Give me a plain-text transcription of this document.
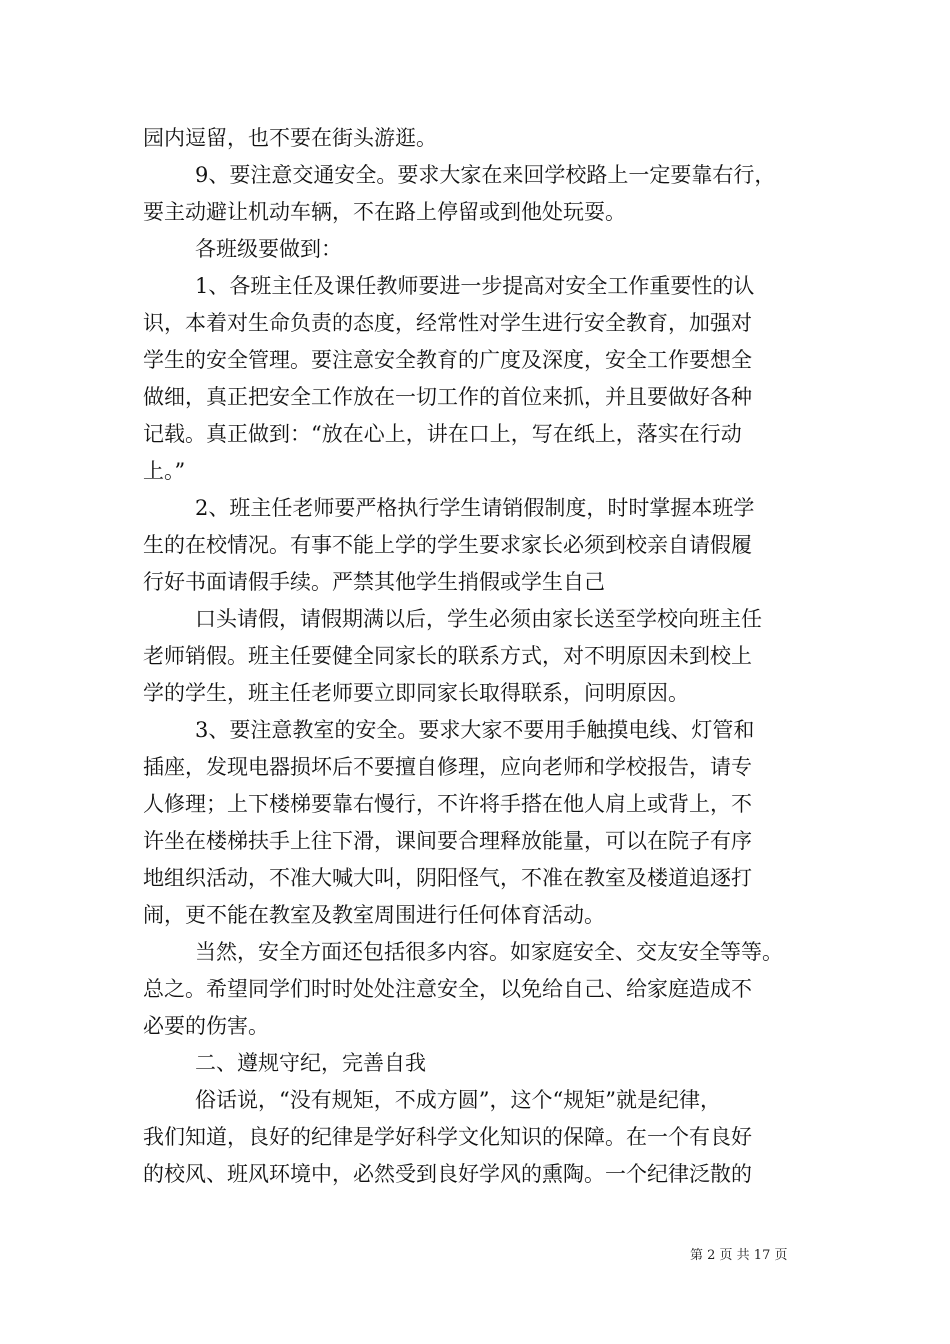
园内逗留，也不要在街头游逛。
9、要注意交通安全。要求大家在来回学校路上一定要靠右行，
要主动避让机动车辆，不在路上停留或到他处玩耍。
各班级要做到：
1、各班主任及课任教师要进一步提高对安全工作重要性的认
识，本着对生命负责的态度，经常性对学生进行安全教育，加强对
学生的安全管理。要注意安全教育的广度及深度，安全工作要想全
做细，真正把安全工作放在一切工作的首位来抓，并且要做好各种
记载。真正做到：“放在心上，讲在口上，写在纸上，落实在行动
上。”
2、班主任老师要严格执行学生请销假制度，时时掌握本班学
生的在校情况。有事不能上学的学生要求家长必须到校亲自请假履
行好书面请假手续。严禁其他学生捎假或学生自己
口头请假，请假期满以后，学生必须由家长送至学校向班主任
老师销假。班主任要健全同家长的联系方式，对不明原因未到校上
学的学生，班主任老师要立即同家长取得联系，问明原因。
3、要注意教室的安全。要求大家不要用手触摸电线、灯管和
插座，发现电器损坏后不要擅自修理，应向老师和学校报告，请专
人修理；上下楼梯要靠右慢行，不许将手搭在他人肩上或背上，不
许坐在楼梯扶手上往下滑，课间要合理释放能量，可以在院子有序
地组织活动，不准大喊大叫，阴阳怪气，不准在教室及楼道追逐打
闹，更不能在教室及教室周围进行任何体育活动。
当然，安全方面还包括很多内容。如家庭安全、交友安全等等。
总之。希望同学们时时处处注意安全，以免给自己、给家庭造成不
必要的伤害。
二、遵规守纪，完善自我
俗话说，“没有规矩，不成方圆”，这个“规矩”就是纪律，
我们知道，良好的纪律是学好科学文化知识的保障。在一个有良好
的校风、班风环境中，必然受到良好学风的熏陶。一个纪律泛散的
第 2 页 共 17 页
